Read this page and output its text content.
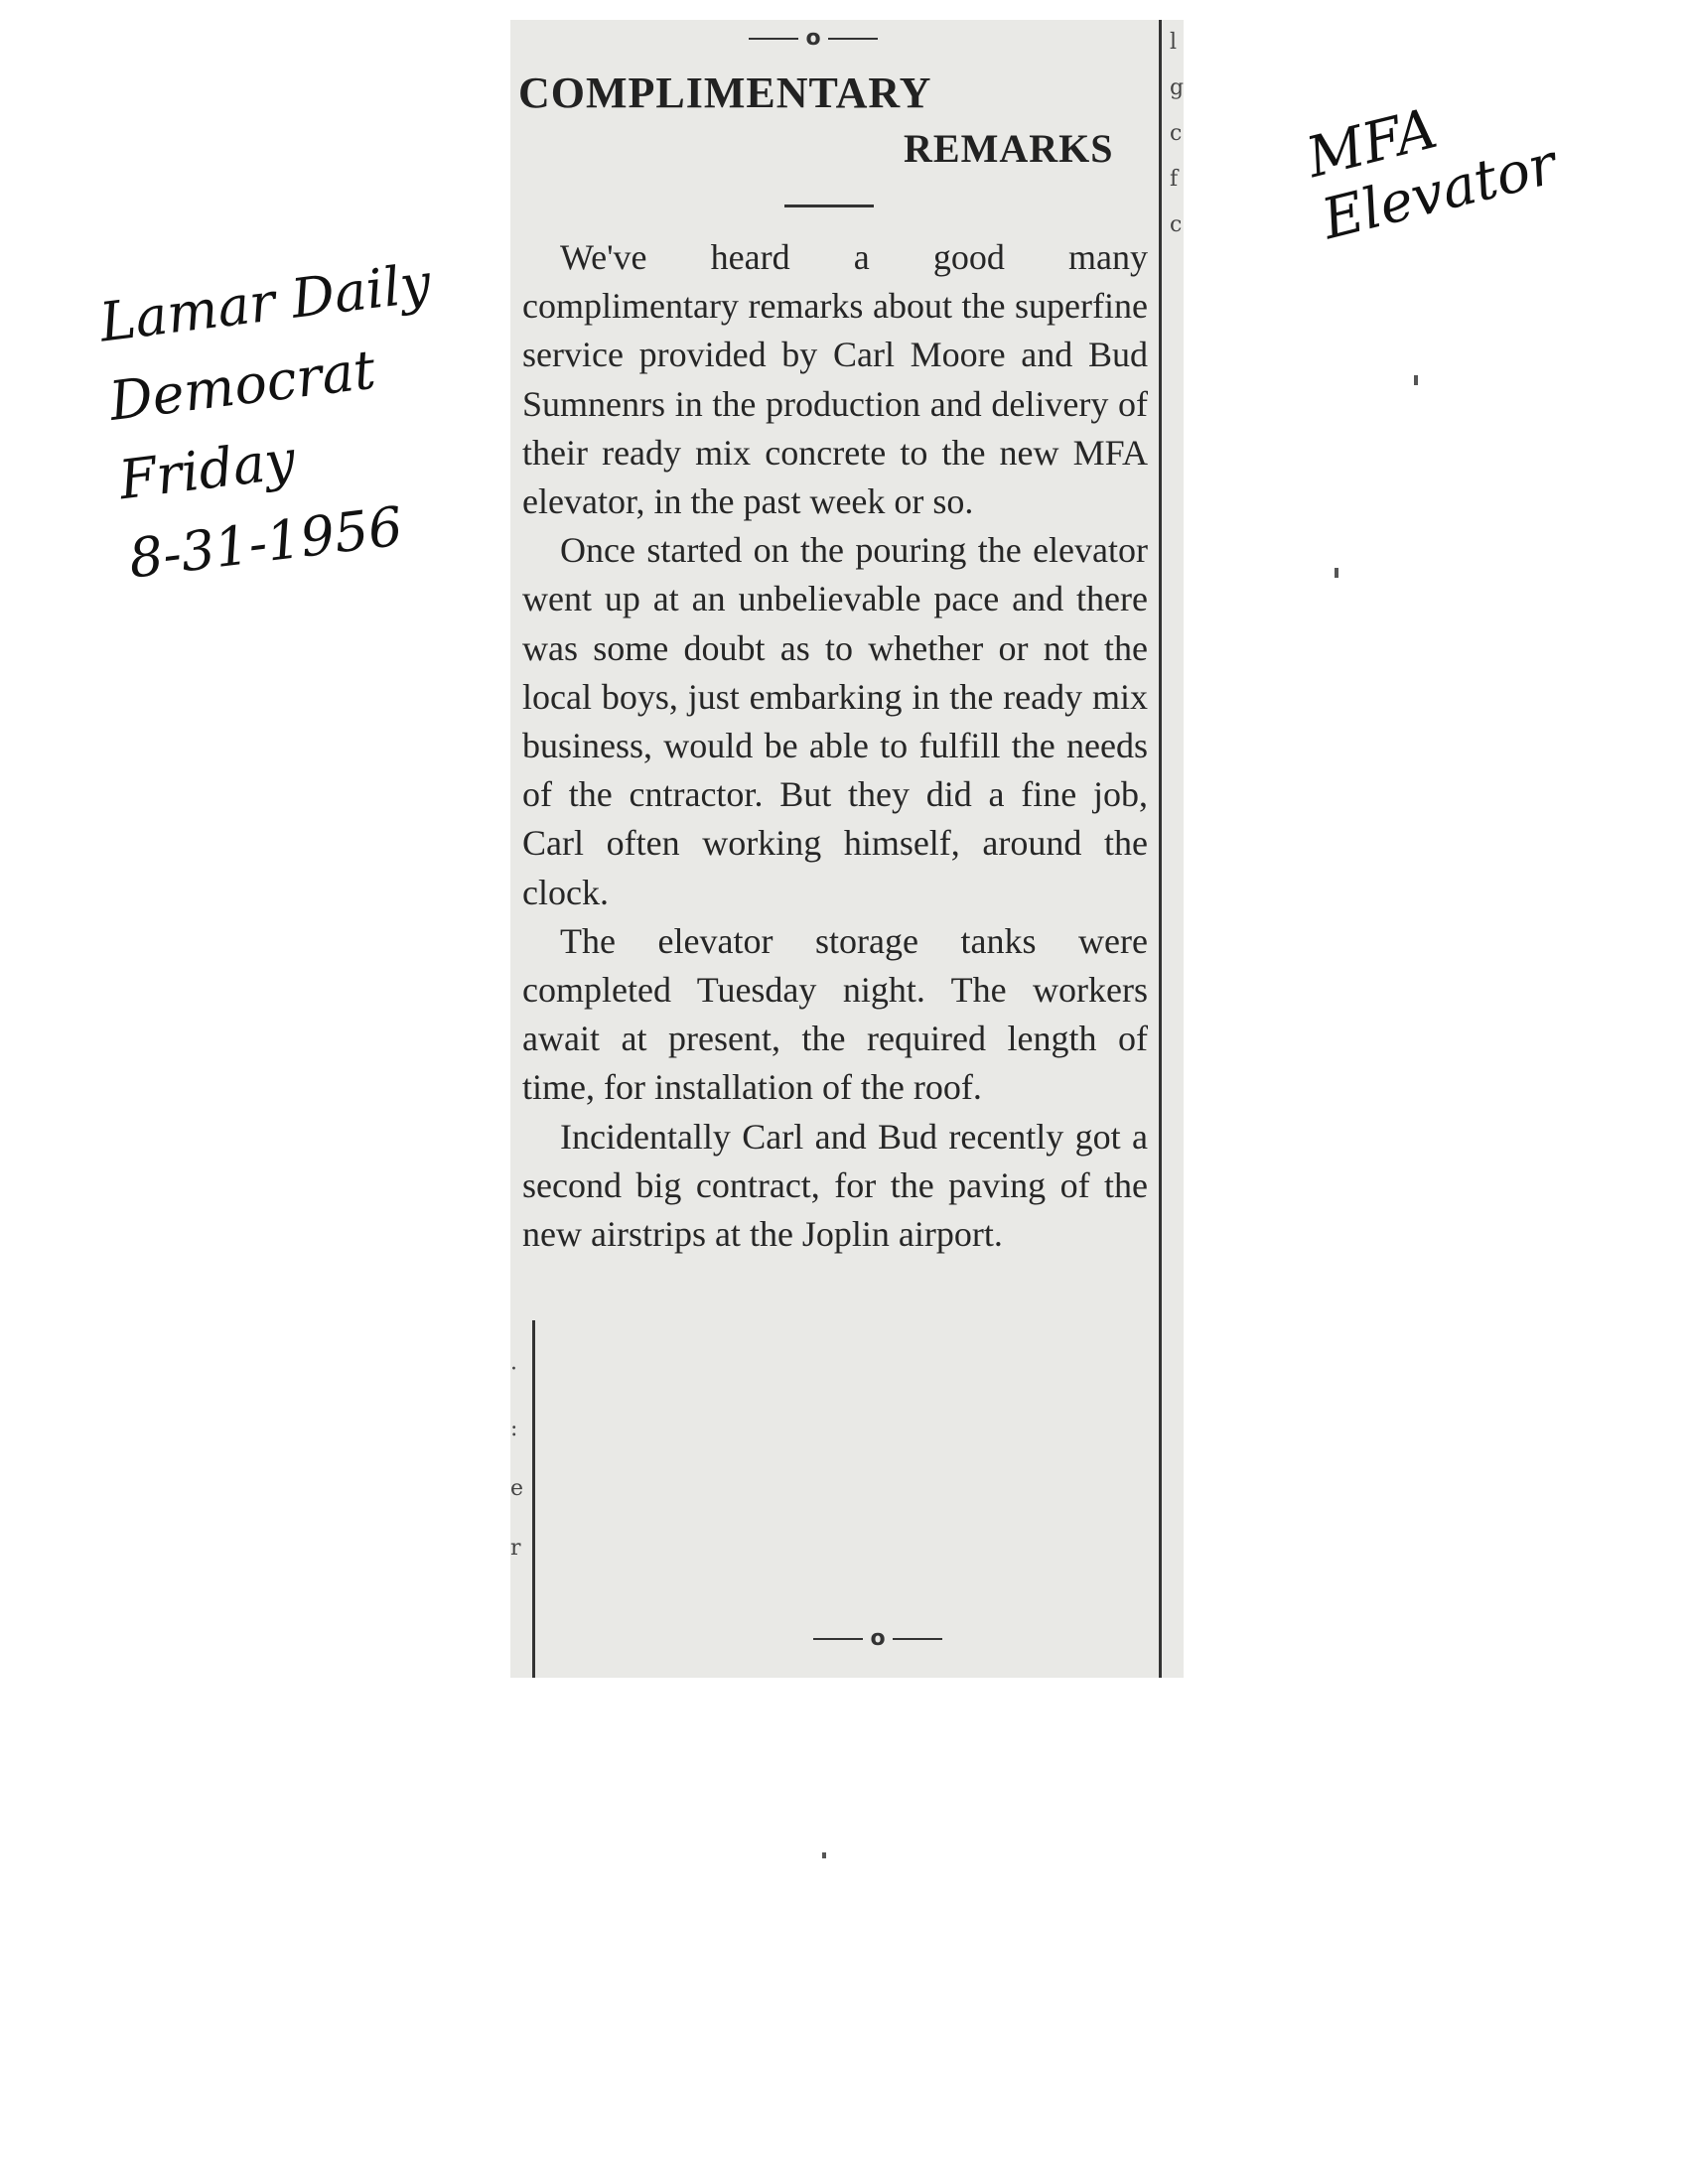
l
g
c
f
c
·
:
e
r
o
COMPLIMENTARY
REMARKS

We've heard a good many complimentary remarks about the superfine service provided by Carl Moore and Bud Sumnenrs in the production and delivery of their ready mix concrete to the new MFA elevator, in the past week or so.

Once started on the pouring the elevator went up at an unbelievable pace and there was some doubt as to whether or not the local boys, just embarking in the ready mix business, would be able to fulfill the needs of the cntractor. But they did a fine job, Carl often working himself, around the clock.

The elevator storage tanks were completed Tuesday night. The workers await at present, the required length of time, for installation of the roof.

Incidentally Carl and Bud recently got a second big contract, for the paving of the new airstrips at the Joplin airport.

o
Lamar Daily
Democrat
Friday
8-31-1956
MFA
Elevator
